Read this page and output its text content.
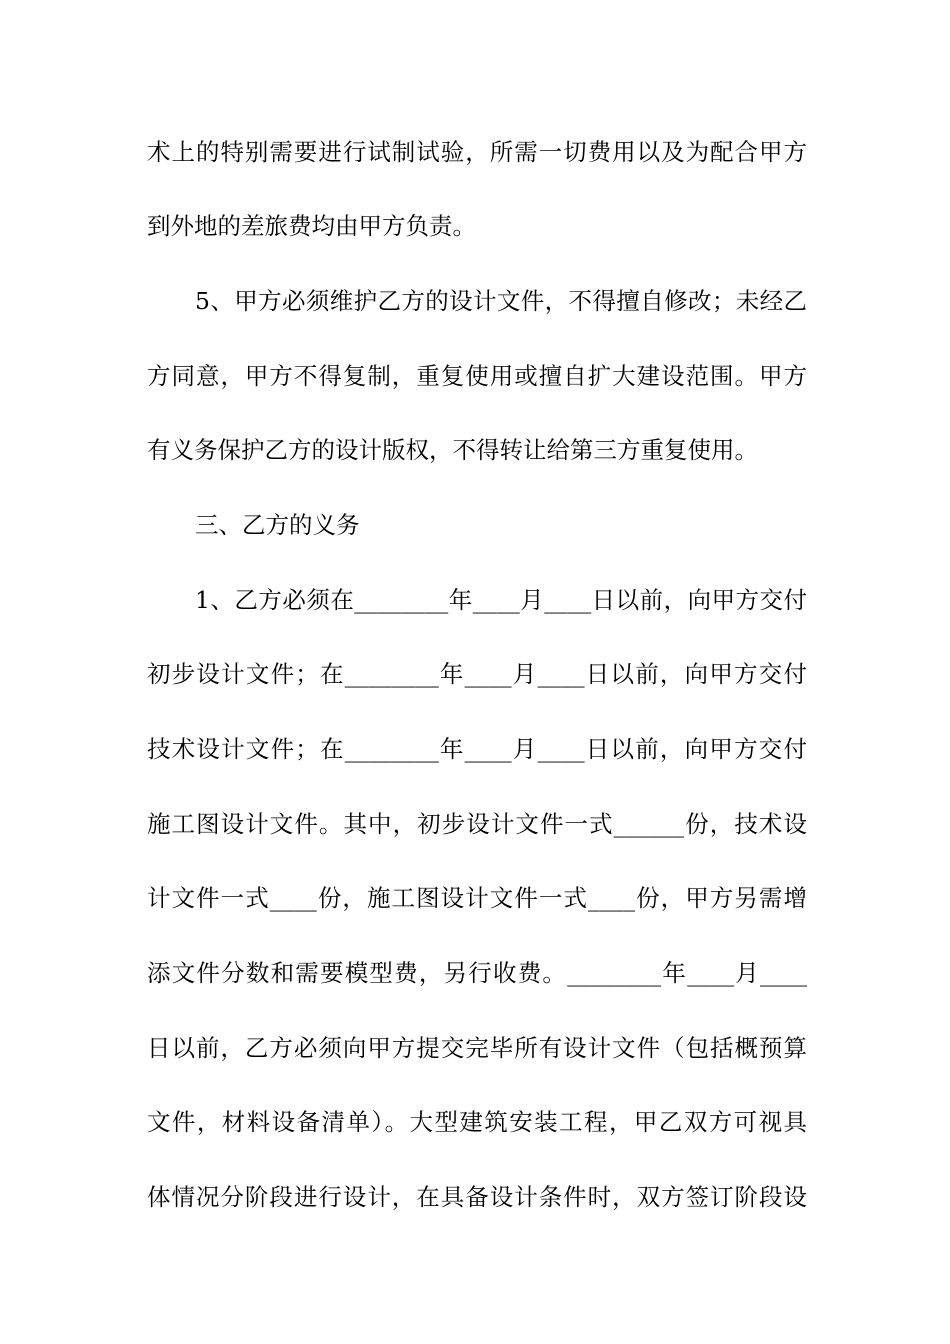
术上的特别需要进行试制试验，所需一切费用以及为配合甲方
到外地的差旅费均由甲方负责。
5、甲方必须维护乙方的设计文件，不得擅自修改；未经乙
方同意，甲方不得复制，重复使用或擅自扩大建设范围。甲方
有义务保护乙方的设计版权，不得转让给第三方重复使用。
三、乙方的义务
1、乙方必须在________年____月____日以前，向甲方交付
初步设计文件；在________年____月____日以前，向甲方交付
技术设计文件；在________年____月____日以前，向甲方交付
施工图设计文件。其中，初步设计文件一式______份，技术设
计文件一式____份，施工图设计文件一式____份，甲方另需增
添文件分数和需要模型费，另行收费。________年____月____
日以前，乙方必须向甲方提交完毕所有设计文件（包括概预算
文件，材料设备清单）。大型建筑安装工程，甲乙双方可视具
体情况分阶段进行设计，在具备设计条件时，双方签订阶段设
